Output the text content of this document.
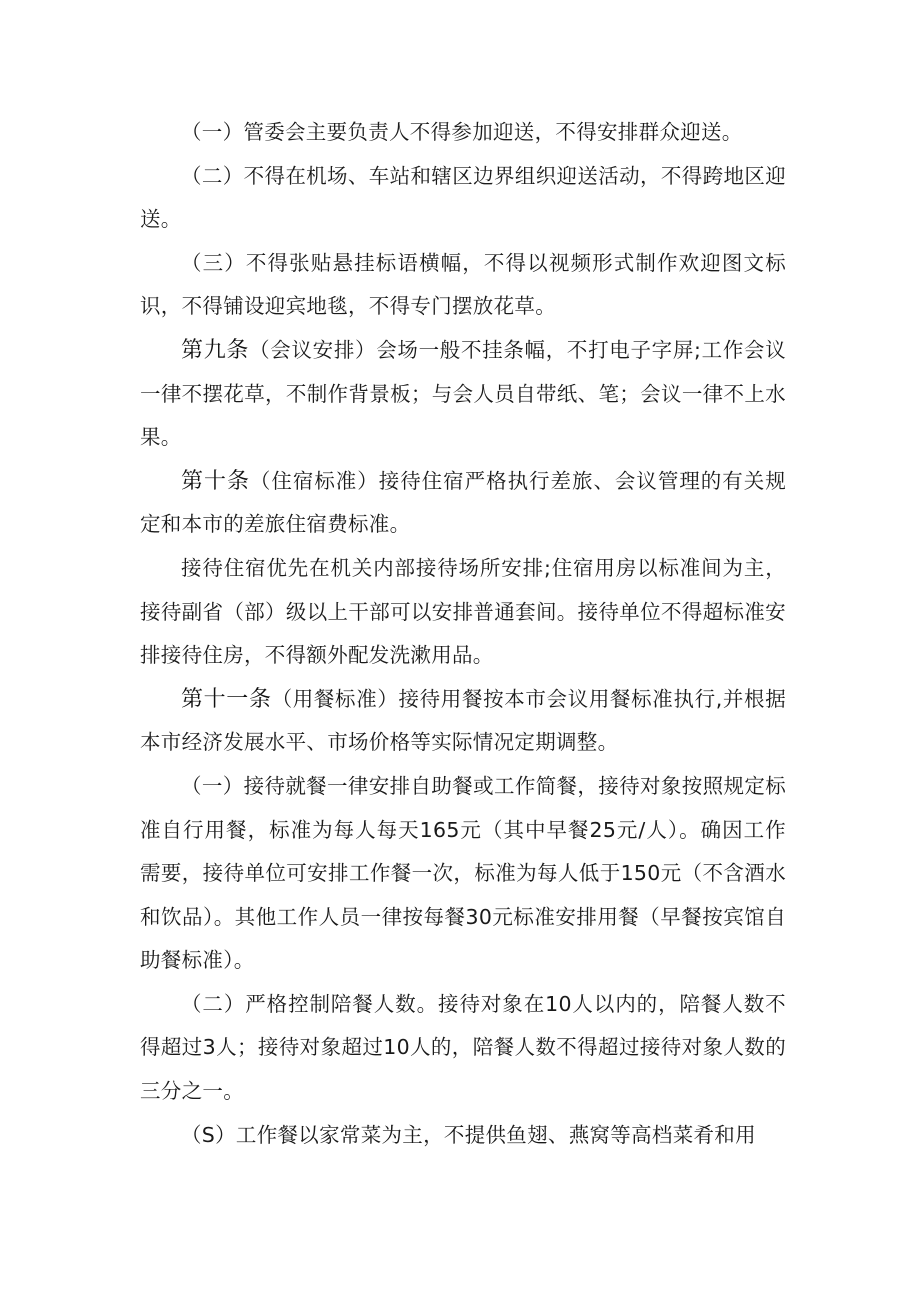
（一）管委会主要负责人不得参加迎送，不得安排群众迎送。

（二）不得在机场、车站和辖区边界组织迎送活动，不得跨地区迎送。

（三）不得张贴悬挂标语横幅，不得以视频形式制作欢迎图文标识，不得铺设迎宾地毯，不得专门摆放花草。

第九条（会议安排）会场一般不挂条幅，不打电子字屏;工作会议一律不摆花草，不制作背景板；与会人员自带纸、笔；会议一律不上水果。

第十条（住宿标准）接待住宿严格执行差旅、会议管理的有关规定和本市的差旅住宿费标准。

接待住宿优先在机关内部接待场所安排;住宿用房以标准间为主，接待副省（部）级以上干部可以安排普通套间。接待单位不得超标准安排接待住房，不得额外配发洗漱用品。

第十一条（用餐标准）接待用餐按本市会议用餐标准执行,并根据本市经济发展水平、市场价格等实际情况定期调整。

（一）接待就餐一律安排自助餐或工作简餐，接待对象按照规定标准自行用餐，标准为每人每天165元（其中早餐25元/人）。确因工作需要，接待单位可安排工作餐一次，标准为每人低于150元（不含酒水和饮品）。其他工作人员一律按每餐30元标准安排用餐（早餐按宾馆自助餐标准）。

（二）严格控制陪餐人数。接待对象在10人以内的，陪餐人数不得超过3人；接待对象超过10人的，陪餐人数不得超过接待对象人数的三分之一。

（S）工作餐以家常菜为主，不提供鱼翅、燕窝等高档菜肴和用
